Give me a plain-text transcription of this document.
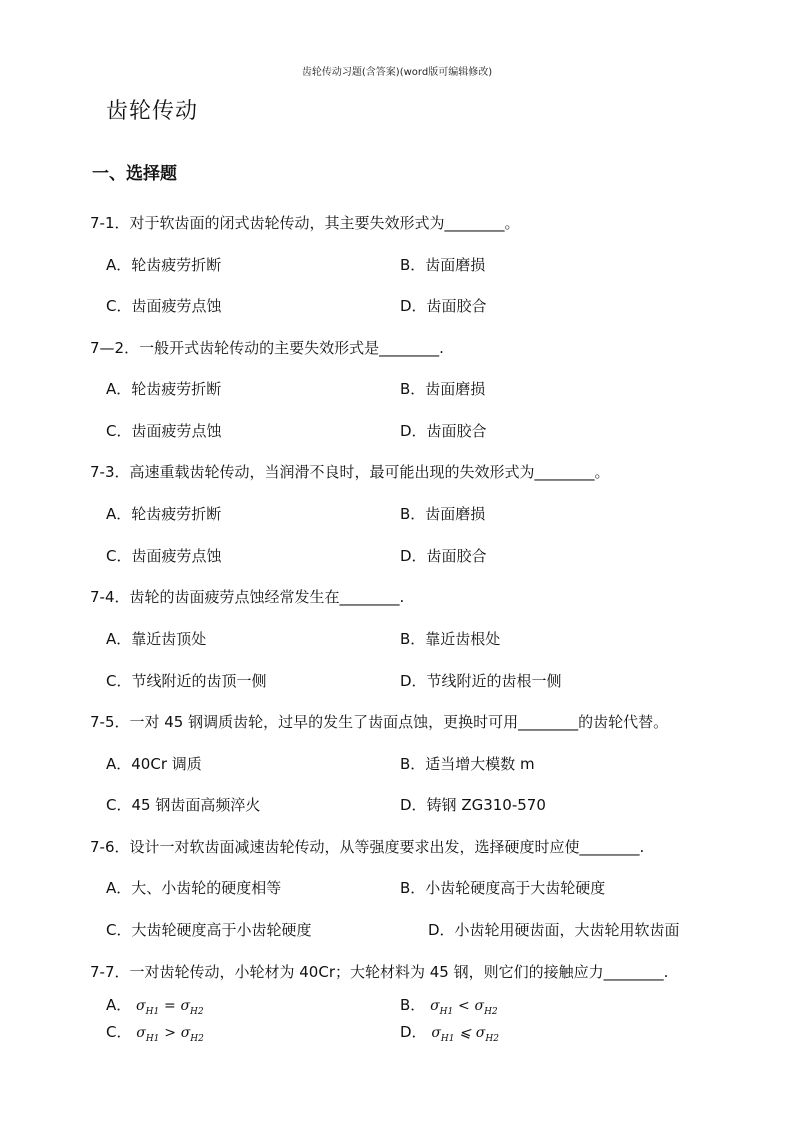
齿轮传动习题(含答案)(word版可编辑修改)
齿轮传动
一、选择题
7-1．对于软齿面的闭式齿轮传动，其主要失效形式为________。
A．轮齿疲劳折断	B．齿面磨损
C．齿面疲劳点蚀	D．齿面胶合
7—2．一般开式齿轮传动的主要失效形式是________.
A．轮齿疲劳折断	B．齿面磨损
C．齿面疲劳点蚀	D．齿面胶合
7-3．高速重载齿轮传动，当润滑不良时，最可能出现的失效形式为________。
A．轮齿疲劳折断	B．齿面磨损
C．齿面疲劳点蚀	D．齿面胶合
7-4．齿轮的齿面疲劳点蚀经常发生在________.
A．靠近齿顶处	B．靠近齿根处
C．节线附近的齿顶一侧	D．节线附近的齿根一侧
7-5．一对 45 钢调质齿轮，过早的发生了齿面点蚀，更换时可用________的齿轮代替。
A．40Cr 调质	B．适当增大模数 m
C．45 钢齿面高频淬火	D．铸钢 ZG310-570
7-6．设计一对软齿面减速齿轮传动，从等强度要求出发，选择硬度时应使________.
A．大、小齿轮的硬度相等	B．小齿轮硬度高于大齿轮硬度
C．大齿轮硬度高于小齿轮硬度	D．小齿轮用硬齿面，大齿轮用软齿面
7-7．一对齿轮传动，小轮材为 40Cr；大轮材料为 45 钢，则它们的接触应力________.
A． $\sigma_{H1} = \sigma_{H2}$	B． $\sigma_{H1} < \sigma_{H2}$
C． $\sigma_{H1} > \sigma_{H2}$	D． $\sigma_{H1}$ ⩽ $\sigma_{H2}$
